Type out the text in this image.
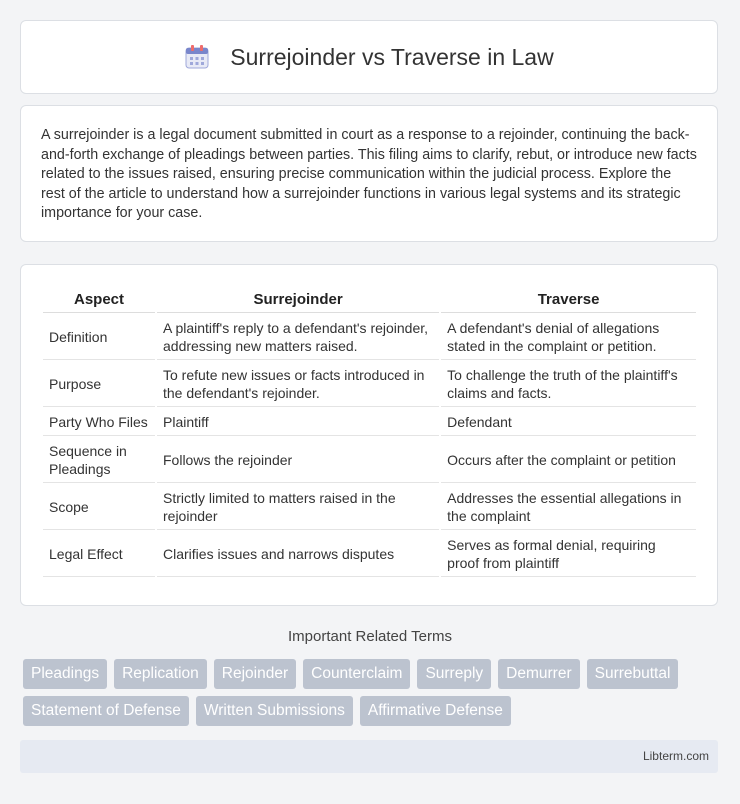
Surrejoinder vs Traverse in Law

A surrejoinder is a legal document submitted in court as a response to a rejoinder, continuing the back-and-forth exchange of pleadings between parties. This filing aims to clarify, rebut, or introduce new facts related to the issues raised, ensuring precise communication within the judicial process. Explore the rest of the article to understand how a surrejoinder functions in various legal systems and its strategic importance for your case.

Aspect	Surrejoinder	Traverse
Definition	A plaintiff's reply to a defendant's rejoinder, addressing new matters raised.	A defendant's denial of allegations stated in the complaint or petition.
Purpose	To refute new issues or facts introduced in the defendant's rejoinder.	To challenge the truth of the plaintiff's claims and facts.
Party Who Files	Plaintiff	Defendant
Sequence in Pleadings	Follows the rejoinder	Occurs after the complaint or petition
Scope	Strictly limited to matters raised in the rejoinder	Addresses the essential allegations in the complaint
Legal Effect	Clarifies issues and narrows disputes	Serves as formal denial, requiring proof from plaintiff
Important Related Terms
Pleadings	Replication	Rejoinder	Counterclaim	Surreply	Demurrer	Surrebuttal
Statement of Defense	Written Submissions	Affirmative Defense
Libterm.com
